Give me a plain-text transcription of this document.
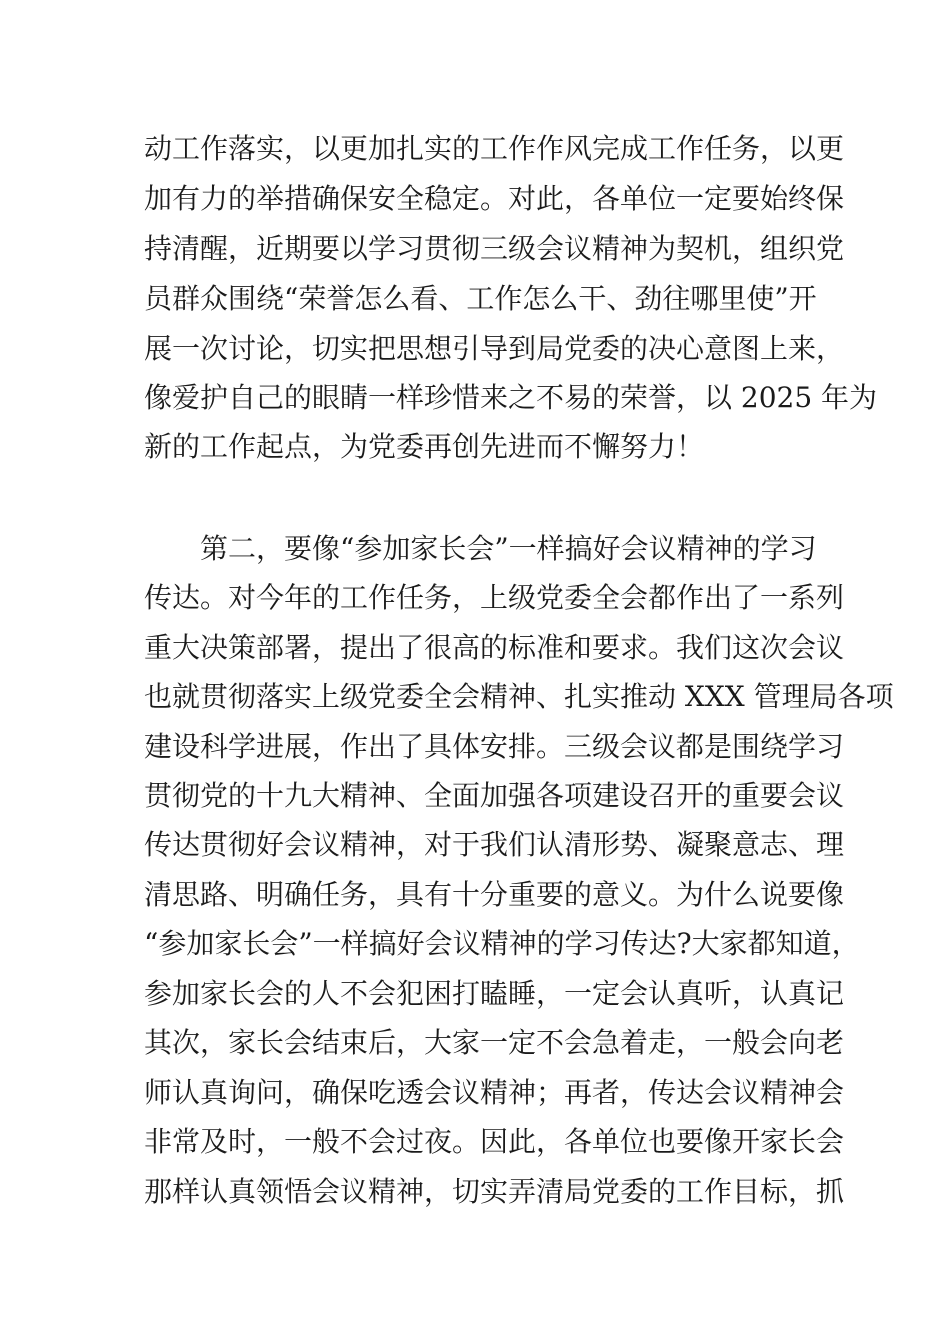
动工作落实，以更加扎实的工作作风完成工作任务，以更
加有力的举措确保安全稳定。对此，各单位一定要始终保
持清醒，近期要以学习贯彻三级会议精神为契机，组织党
员群众围绕“荣誉怎么看、工作怎么干、劲往哪里使”开
展一次讨论，切实把思想引导到局党委的决心意图上来，
像爱护自己的眼睛一样珍惜来之不易的荣誉，以 2025 年为
新的工作起点，为党委再创先进而不懈努力！
第二，要像“参加家长会”一样搞好会议精神的学习
传达。对今年的工作任务，上级党委全会都作出了一系列
重大决策部署，提出了很高的标准和要求。我们这次会议
也就贯彻落实上级党委全会精神、扎实推动 XXX 管理局各项
建设科学进展，作出了具体安排。三级会议都是围绕学习
贯彻党的十九大精神、全面加强各项建设召开的重要会议
传达贯彻好会议精神，对于我们认清形势、凝聚意志、理
清思路、明确任务，具有十分重要的意义。为什么说要像
“参加家长会”一样搞好会议精神的学习传达?大家都知道，
参加家长会的人不会犯困打瞌睡，一定会认真听，认真记
其次，家长会结束后，大家一定不会急着走，一般会向老
师认真询问，确保吃透会议精神；再者，传达会议精神会
非常及时，一般不会过夜。因此，各单位也要像开家长会
那样认真领悟会议精神，切实弄清局党委的工作目标，抓
